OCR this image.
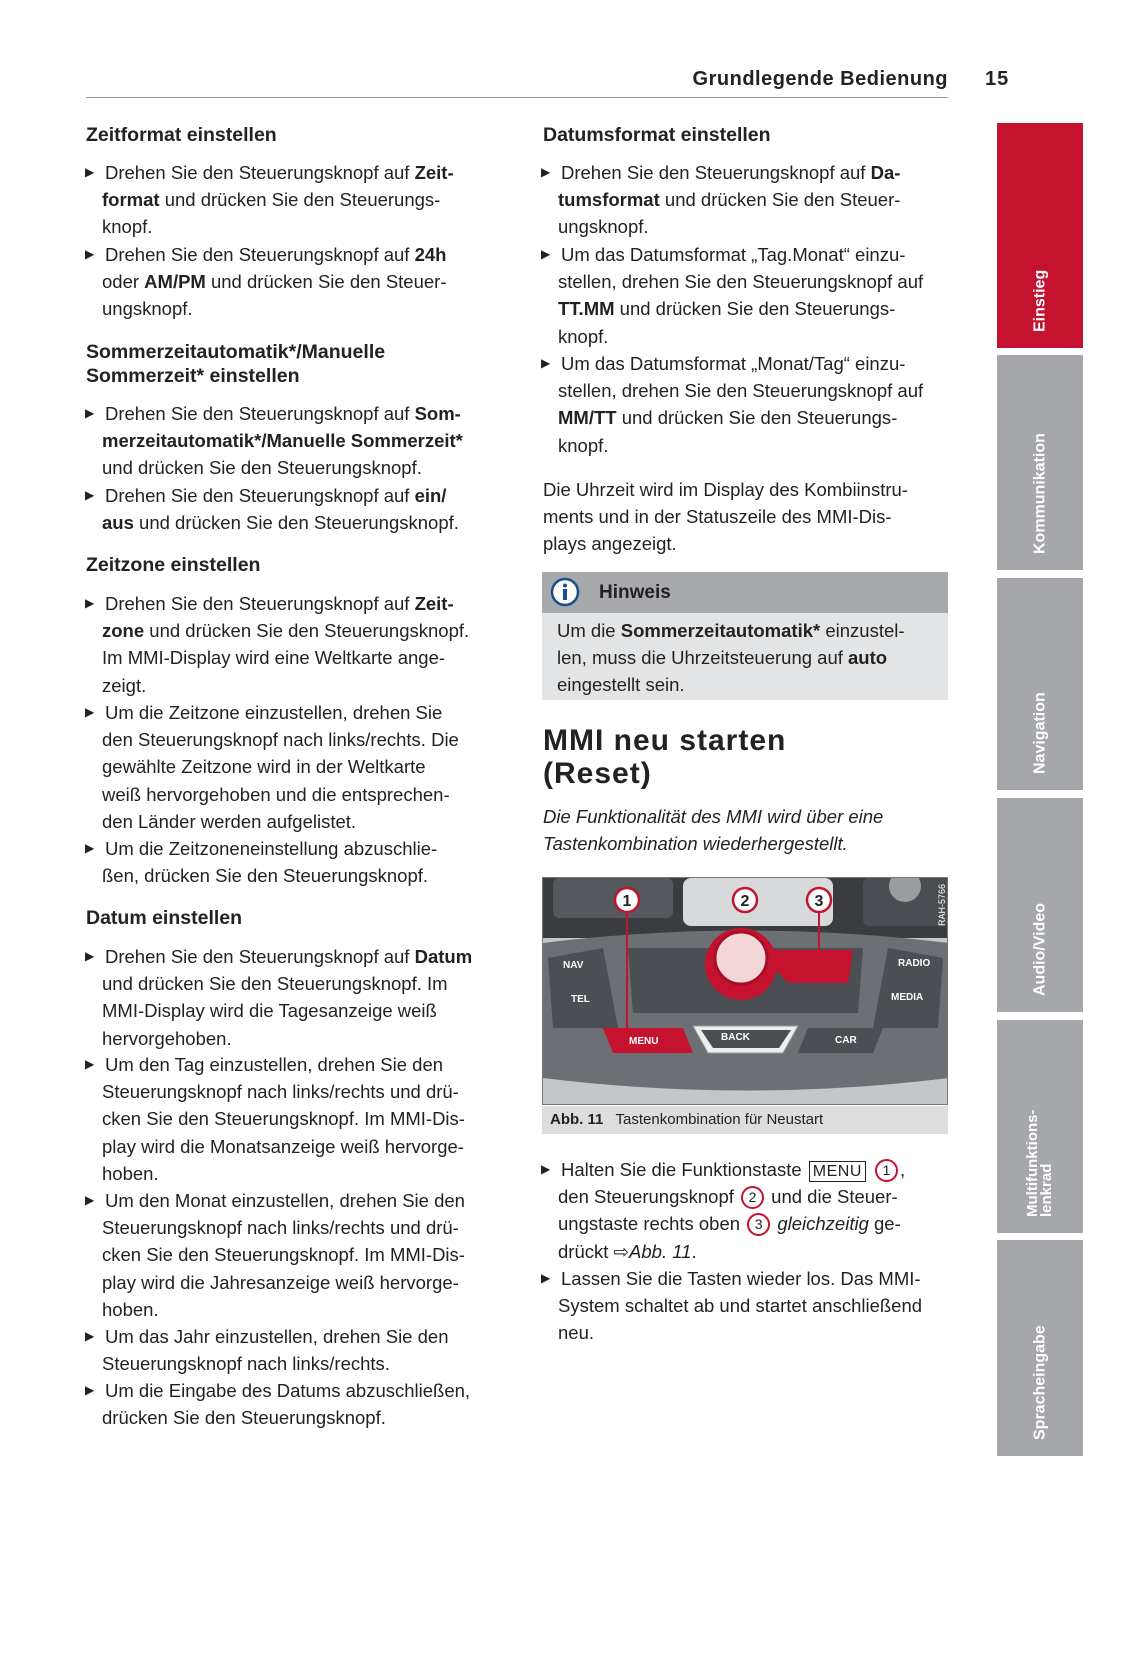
Grundlegende Bedienung 15
Einstieg
Kommunikation
Navigation
Audio/Video
Multifunktions-
lenkrad
Spracheingabe
Zeitformat einstellen
▶ Drehen Sie den Steuerungsknopf auf Zeit-
format und drücken Sie den Steuerungs-
knopf.
▶ Drehen Sie den Steuerungsknopf auf 24h
oder AM/PM und drücken Sie den Steuer-
ungsknopf.
Sommerzeitautomatik*/Manuelle
Sommerzeit* einstellen
▶ Drehen Sie den Steuerungsknopf auf Som-
merzeitautomatik*/Manuelle Sommerzeit*
und drücken Sie den Steuerungsknopf.
▶ Drehen Sie den Steuerungsknopf auf ein/
aus und drücken Sie den Steuerungsknopf.
Zeitzone einstellen
▶ Drehen Sie den Steuerungsknopf auf Zeit-
zone und drücken Sie den Steuerungsknopf.
Im MMI-Display wird eine Weltkarte ange-
zeigt.
▶ Um die Zeitzone einzustellen, drehen Sie
den Steuerungsknopf nach links/rechts. Die
gewählte Zeitzone wird in der Weltkarte
weiß hervorgehoben und die entsprechen-
den Länder werden aufgelistet.
▶ Um die Zeitzoneneinstellung abzuschlie-
ßen, drücken Sie den Steuerungsknopf.
Datum einstellen
▶ Drehen Sie den Steuerungsknopf auf Datum
und drücken Sie den Steuerungsknopf. Im
MMI-Display wird die Tagesanzeige weiß
hervorgehoben.
▶ Um den Tag einzustellen, drehen Sie den
Steuerungsknopf nach links/rechts und drü-
cken Sie den Steuerungsknopf. Im MMI-Dis-
play wird die Monatsanzeige weiß hervorge-
hoben.
▶ Um den Monat einzustellen, drehen Sie den
Steuerungsknopf nach links/rechts und drü-
cken Sie den Steuerungsknopf. Im MMI-Dis-
play wird die Jahresanzeige weiß hervorge-
hoben.
▶ Um das Jahr einzustellen, drehen Sie den
Steuerungsknopf nach links/rechts.
▶ Um die Eingabe des Datums abzuschließen,
drücken Sie den Steuerungsknopf.
Datumsformat einstellen
▶ Drehen Sie den Steuerungsknopf auf Da-
tumsformat und drücken Sie den Steuer-
ungsknopf.
▶ Um das Datumsformat „Tag.Monat“ einzu-
stellen, drehen Sie den Steuerungsknopf auf
TT.MM und drücken Sie den Steuerungs-
knopf.
▶ Um das Datumsformat „Monat/Tag“ einzu-
stellen, drehen Sie den Steuerungsknopf auf
MM/TT und drücken Sie den Steuerungs-
knopf.
Die Uhrzeit wird im Display des Kombiinstru-
ments und in der Statuszeile des MMI-Dis-
plays angezeigt.
Hinweis
Um die Sommerzeitautomatik* einzustel-
len, muss die Uhrzeitsteuerung auf auto
eingestellt sein.
MMI neu starten
(Reset)
Die Funktionalität des MMI wird über eine
Tastenkombination wiederhergestellt.
NAV
TEL
MENU	BACK	CAR
RADIO
MEDIA
RAH-5766
1	2	3
Abb. 11 Tastenkombination für Neustart
▶ Halten Sie die Funktionstaste MENU 1 ,
den Steuerungsknopf 2 und die Steuer-
ungstaste rechts oben 3 gleichzeitig ge-
drückt ⇨Abb. 11.
▶ Lassen Sie die Tasten wieder los. Das MMI-
System schaltet ab und startet anschließend
neu.
